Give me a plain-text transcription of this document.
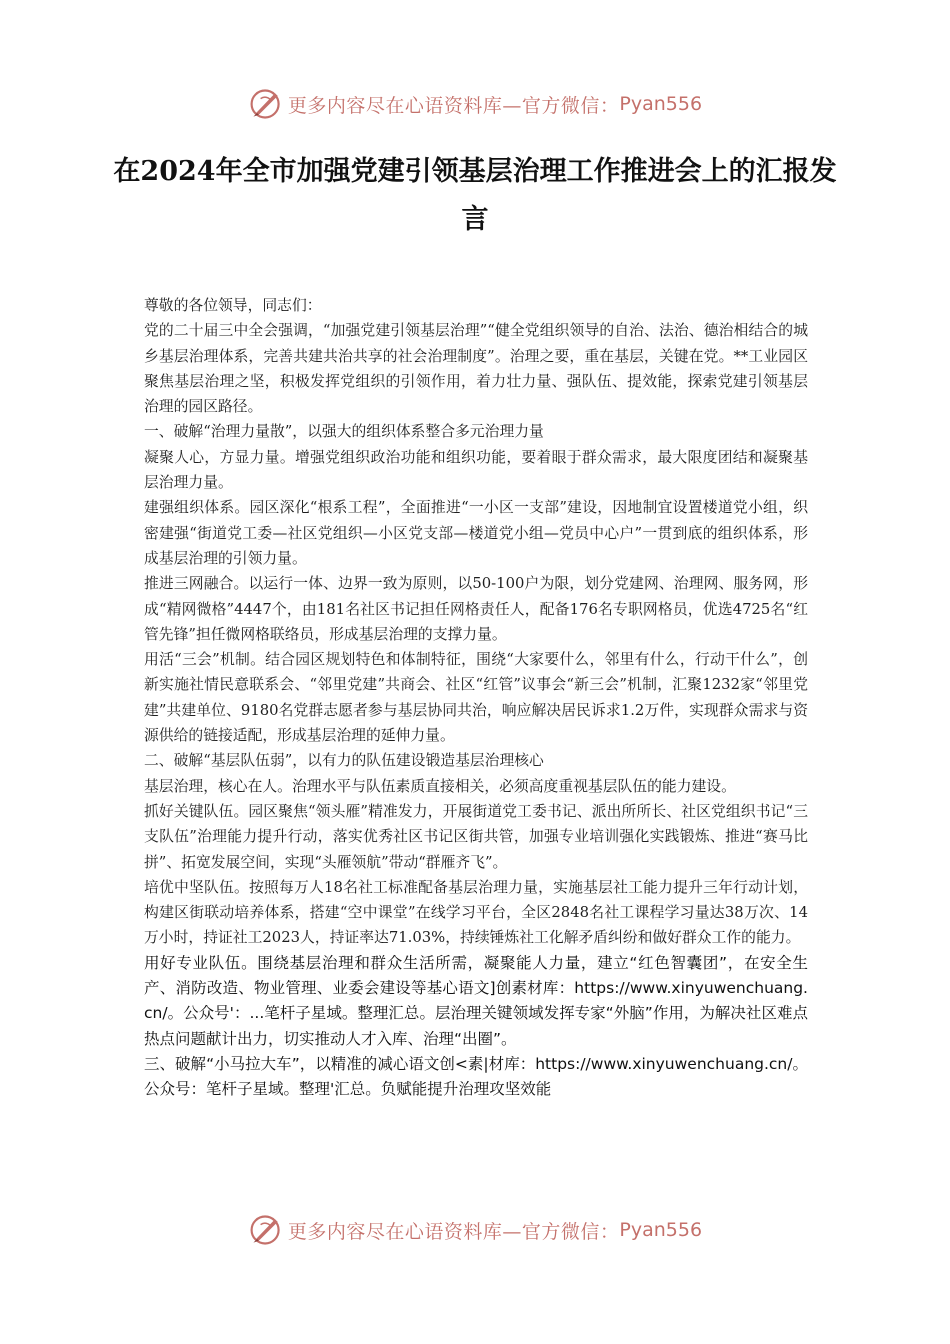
更多内容尽在心语资料库—官方微信： Pyan556
在2024年全市加强党建引领基层治理工作推进会上的汇报发言

尊敬的各位领导，同志们：

党的二十届三中全会强调，“加强党建引领基层治理”“健全党组织领导的自治、法治、德治相结合的城乡基层治理体系，完善共建共治共享的社会治理制度”。治理之要，重在基层，关键在党。**工业园区聚焦基层治理之坚，积极发挥党组织的引领作用，着力壮力量、强队伍、提效能，探索党建引领基层治理的园区路径。

一、破解“治理力量散”，以强大的组织体系整合多元治理力量

凝聚人心，方显力量。增强党组织政治功能和组织功能，要着眼于群众需求，最大限度团结和凝聚基层治理力量。

建强组织体系。园区深化“根系工程”，全面推进“一小区一支部”建设，因地制宜设置楼道党小组，织密建强“街道党工委—社区党组织—小区党支部—楼道党小组—党员中心户”一贯到底的组织体系，形成基层治理的引领力量。

推进三网融合。以运行一体、边界一致为原则，以50-100户为限，划分党建网、治理网、服务网，形成“精网微格”4447个，由181名社区书记担任网格责任人，配备176名专职网格员，优选4725名“红管先锋”担任微网格联络员，形成基层治理的支撑力量。

用活“三会”机制。结合园区规划特色和体制特征，围绕“大家要什么，邻里有什么，行动干什么”，创新实施社情民意联系会、“邻里党建”共商会、社区“红管”议事会“新三会”机制，汇聚1232家“邻里党建”共建单位、9180名党群志愿者参与基层协同共治，响应解决居民诉求1.2万件，实现群众需求与资源供给的链接适配，形成基层治理的延伸力量。

二、破解“基层队伍弱”，以有力的队伍建设锻造基层治理核心

基层治理，核心在人。治理水平与队伍素质直接相关，必须高度重视基层队伍的能力建设。

抓好关键队伍。园区聚焦“领头雁”精准发力，开展街道党工委书记、派出所所长、社区党组织书记“三支队伍”治理能力提升行动，落实优秀社区书记区街共管，加强专业培训强化实践锻炼、推进“赛马比拼”、拓宽发展空间，实现“头雁领航”带动“群雁齐飞”。

培优中坚队伍。按照每万人18名社工标准配备基层治理力量，实施基层社工能力提升三年行动计划，构建区街联动培养体系，搭建“空中课堂”在线学习平台，全区2848名社工课程学习量达38万次、14万小时，持证社工2023人，持证率达71.03%，持续锤炼社工化解矛盾纠纷和做好群众工作的能力。

用好专业队伍。围绕基层治理和群众生活所需，凝聚能人力量，建立“红色智囊团”，在安全生产、消防改造、物业管理、业委会建设等基心语文]创素材库：https://www.xinyuwenchuang.cn/。公众号'：...笔杆子星域。整理汇总。层治理关键领域发挥专家“外脑”作用，为解决社区难点热点问题献计出力，切实推动人才入库、治理“出圈”。

三、破解“小马拉大车”，以精准的减心语文创<素|材库：https://www.xinyuwenchuang.cn/。公众号：笔杆子星域。整理'汇总。负赋能提升治理攻坚效能

更多内容尽在心语资料库—官方微信： Pyan556
